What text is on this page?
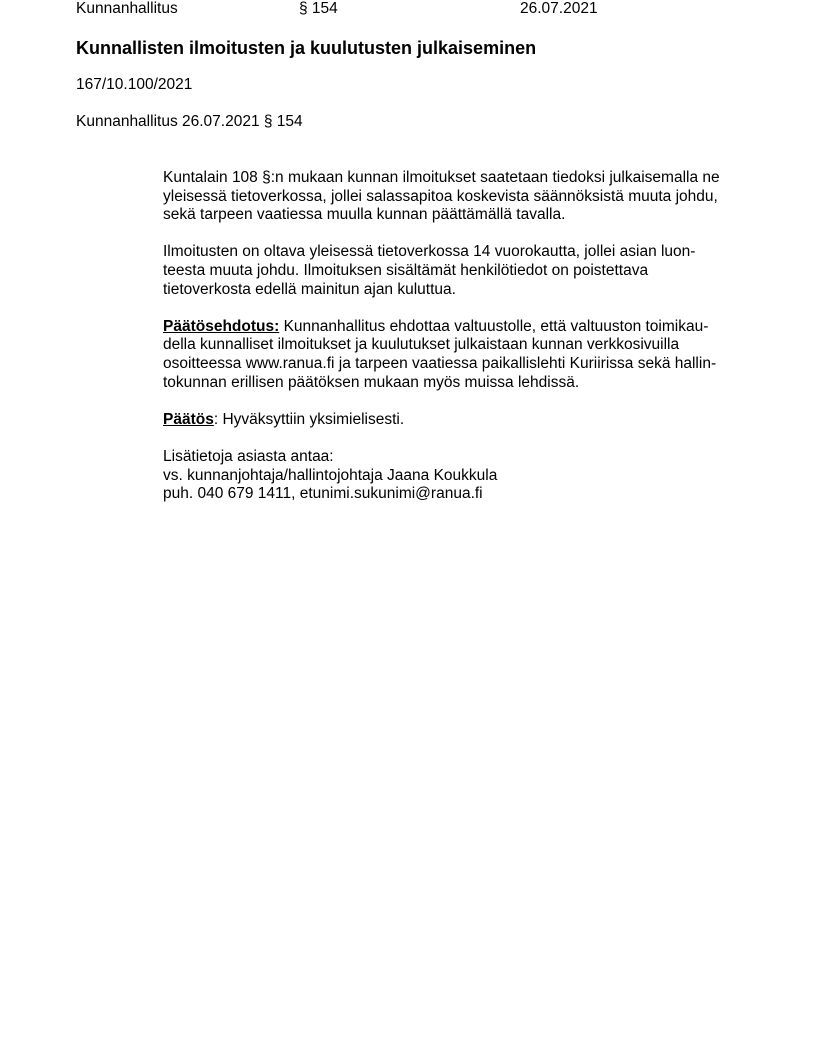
Kunnanhallitus	§ 154	26.07.2021
Kunnallisten ilmoitusten ja kuulutusten julkaiseminen
167/10.100/2021
Kunnanhallitus 26.07.2021 § 154

Kuntalain 108 §:n mukaan kunnan ilmoitukset saatetaan tiedoksi julkaisemalla ne
yleisessä tietoverkossa, jollei salassapitoa koskevista säännöksistä muuta johdu,
sekä tarpeen vaatiessa muulla kunnan päättämällä tavalla.

Ilmoitusten on oltava yleisessä tietoverkossa 14 vuorokautta, jollei asian luon-
teesta muuta johdu. Ilmoituksen sisältämät henkilötiedot on poistettava
tietoverkosta edellä mainitun ajan kuluttua.

Päätösehdotus: Kunnanhallitus ehdottaa valtuustolle, että valtuuston toimikau-
della kunnalliset ilmoitukset ja kuulutukset julkaistaan kunnan verkkosivuilla
osoitteessa www.ranua.fi ja tarpeen vaatiessa paikallislehti Kuriirissa sekä hallin-
tokunnan erillisen päätöksen mukaan myös muissa lehdissä.

Päätös: Hyväksyttiin yksimielisesti.

Lisätietoja asiasta antaa:
vs. kunnanjohtaja/hallintojohtaja Jaana Koukkula
puh. 040 679 1411, etunimi.sukunimi@ranua.fi
